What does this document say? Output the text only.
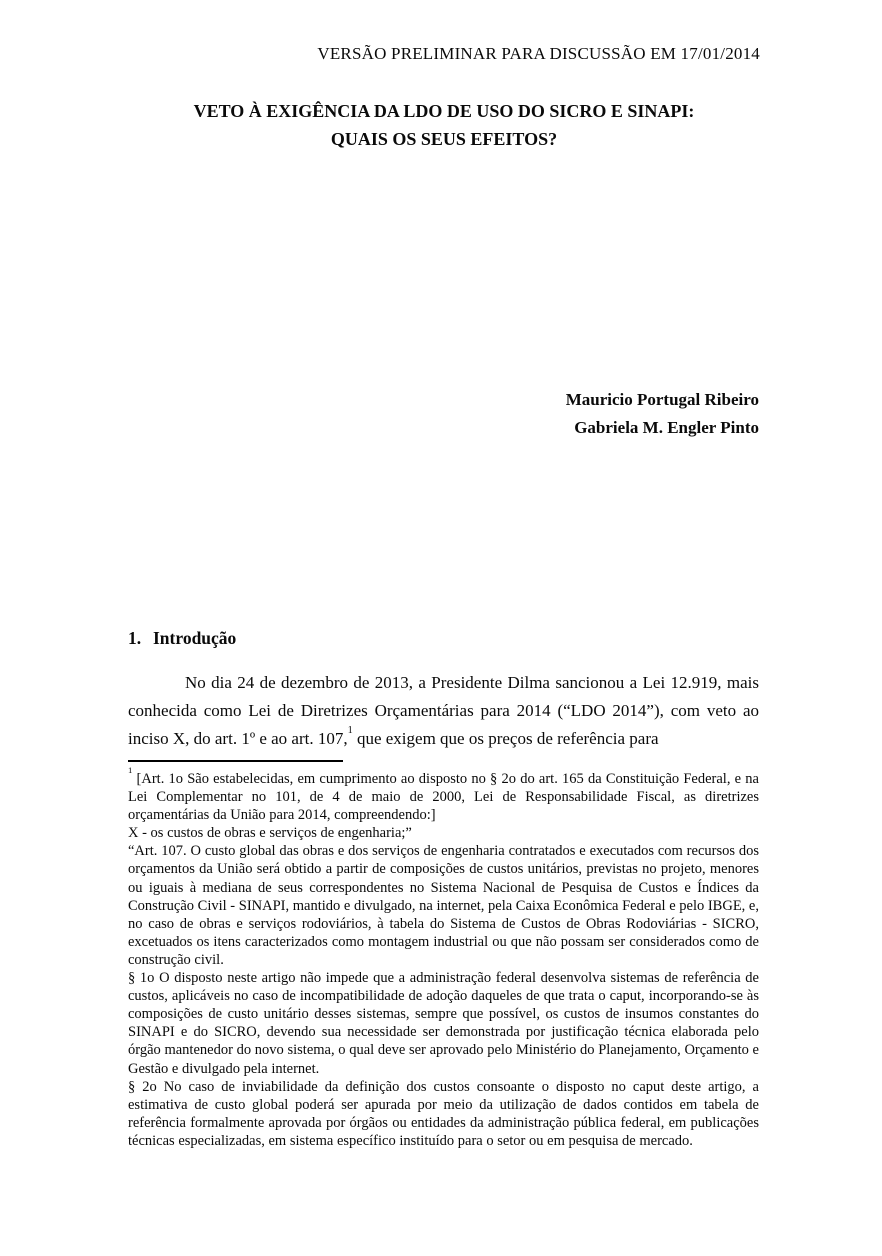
VERSÃO PRELIMINAR PARA DISCUSSÃO EM 17/01/2014
VETO À EXIGÊNCIA DA LDO DE USO DO SICRO E SINAPI:
QUAIS OS SEUS EFEITOS?
Mauricio Portugal Ribeiro
Gabriela M. Engler Pinto
1. Introdução
No dia 24 de dezembro de 2013, a Presidente Dilma sancionou a Lei 12.919, mais conhecida como Lei de Diretrizes Orçamentárias para 2014 (“LDO 2014”), com veto ao inciso X, do art. 1º e ao art. 107,$^1$ que exigem que os preços de referência para

$^1$ [Art. 1o São estabelecidas, em cumprimento ao disposto no § 2o do art. 165 da Constituição Federal, e na Lei Complementar no 101, de 4 de maio de 2000, Lei de Responsabilidade Fiscal, as diretrizes orçamentárias da União para 2014, compreendendo:]

X - os custos de obras e serviços de engenharia;”

“Art. 107. O custo global das obras e dos serviços de engenharia contratados e executados com recursos dos orçamentos da União será obtido a partir de composições de custos unitários, previstas no projeto, menores ou iguais à mediana de seus correspondentes no Sistema Nacional de Pesquisa de Custos e Índices da Construção Civil - SINAPI, mantido e divulgado, na internet, pela Caixa Econômica Federal e pelo IBGE, e, no caso de obras e serviços rodoviários, à tabela do Sistema de Custos de Obras Rodoviárias - SICRO, excetuados os itens caracterizados como montagem industrial ou que não possam ser considerados como de construção civil.

§ 1o O disposto neste artigo não impede que a administração federal desenvolva sistemas de referência de custos, aplicáveis no caso de incompatibilidade de adoção daqueles de que trata o caput, incorporando-se às composições de custo unitário desses sistemas, sempre que possível, os custos de insumos constantes do SINAPI e do SICRO, devendo sua necessidade ser demonstrada por justificação técnica elaborada pelo órgão mantenedor do novo sistema, o qual deve ser aprovado pelo Ministério do Planejamento, Orçamento e Gestão e divulgado pela internet.

§ 2o No caso de inviabilidade da definição dos custos consoante o disposto no caput deste artigo, a estimativa de custo global poderá ser apurada por meio da utilização de dados contidos em tabela de referência formalmente aprovada por órgãos ou entidades da administração pública federal, em publicações técnicas especializadas, em sistema específico instituído para o setor ou em pesquisa de mercado.
